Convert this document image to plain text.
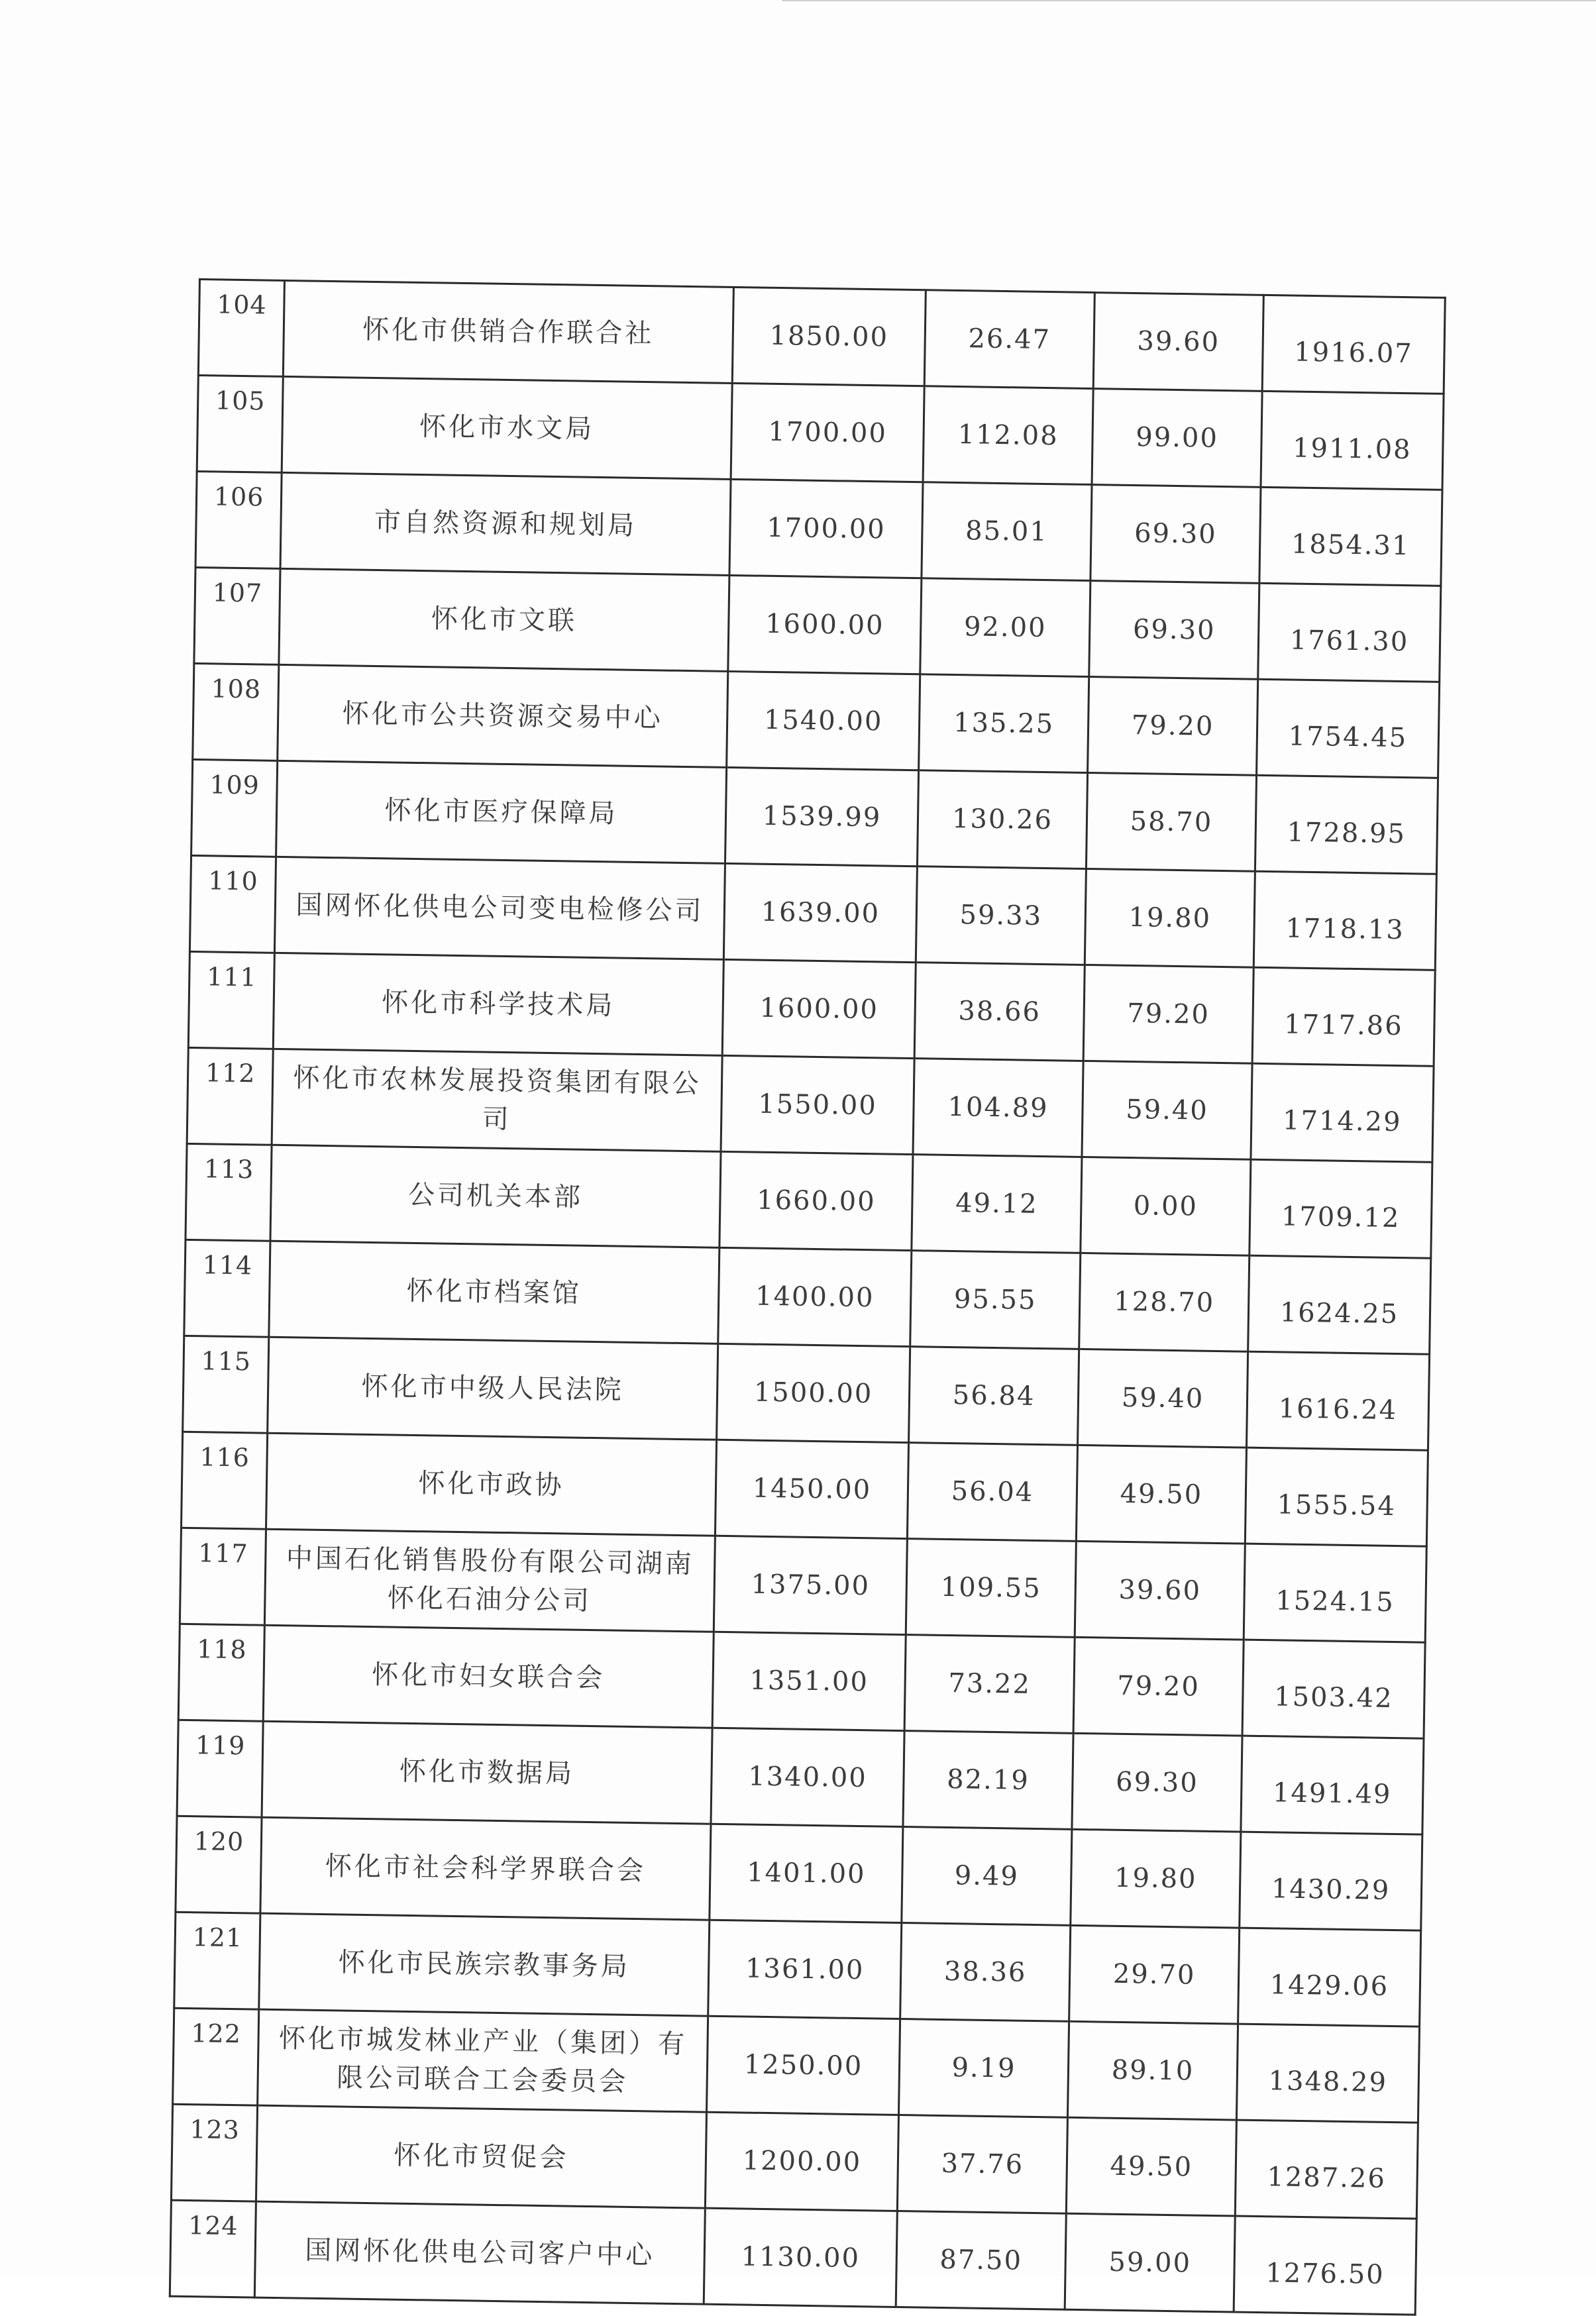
104	怀化市供销合作联合社	1850.00	26.47	39.60	1916.07
105	怀化市水文局	1700.00	112.08	99.00	1911.08
106	市自然资源和规划局	1700.00	85.01	69.30	1854.31
107	怀化市文联	1600.00	92.00	69.30	1761.30
108	怀化市公共资源交易中心	1540.00	135.25	79.20	1754.45
109	怀化市医疗保障局	1539.99	130.26	58.70	1728.95
110	国网怀化供电公司变电检修公司	1639.00	59.33	19.80	1718.13
111	怀化市科学技术局	1600.00	38.66	79.20	1717.86
112	怀化市农林发展投资集团有限公司	1550.00	104.89	59.40	1714.29
113	公司机关本部	1660.00	49.12	0.00	1709.12
114	怀化市档案馆	1400.00	95.55	128.70	1624.25
115	怀化市中级人民法院	1500.00	56.84	59.40	1616.24
116	怀化市政协	1450.00	56.04	49.50	1555.54
117	中国石化销售股份有限公司湖南怀化石油分公司	1375.00	109.55	39.60	1524.15
118	怀化市妇女联合会	1351.00	73.22	79.20	1503.42
119	怀化市数据局	1340.00	82.19	69.30	1491.49
120	怀化市社会科学界联合会	1401.00	9.49	19.80	1430.29
121	怀化市民族宗教事务局	1361.00	38.36	29.70	1429.06
122	怀化市城发林业产业（集团）有限公司联合工会委员会	1250.00	9.19	89.10	1348.29
123	怀化市贸促会	1200.00	37.76	49.50	1287.26
124	国网怀化供电公司客户中心	1130.00	87.50	59.00	1276.50
